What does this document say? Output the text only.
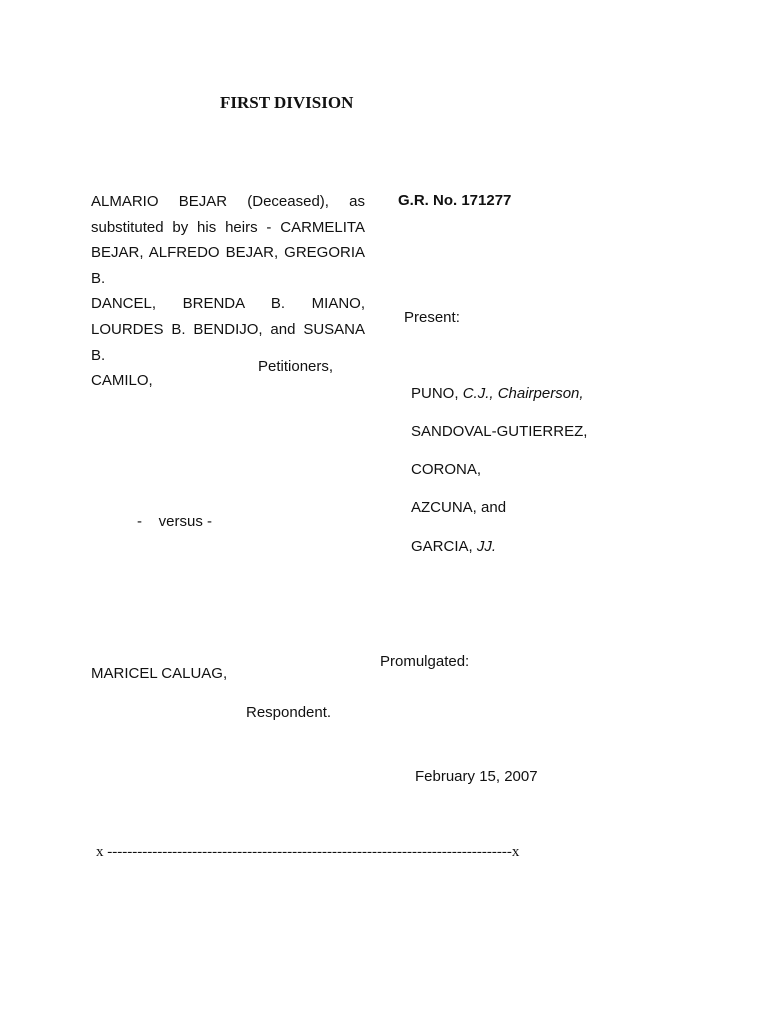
FIRST DIVISION
ALMARIO BEJAR (Deceased), as
substituted by his heirs - CARMELITA
BEJAR, ALFREDO BEJAR, GREGORIA B.
DANCEL, BRENDA B. MIANO,
LOURDES B. BENDIJO, and SUSANA B.
CAMILO,
G.R. No. 171277
Present:
Petitioners,
PUNO, C.J., Chairperson,
SANDOVAL-GUTIERREZ,
CORONA,
AZCUNA, and
-    versus -
GARCIA, JJ.
Promulgated:
MARICEL CALUAG,
Respondent.
February 15, 2007
x ---------------------------------------------------------------------------------x
